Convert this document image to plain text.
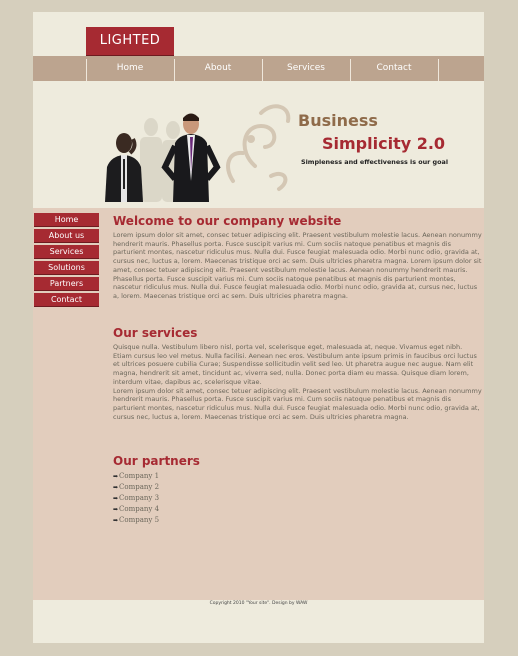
LIGHTED
Home	About	Services	Contact
Business
Simplicity 2.0
Simpleness and effectiveness is our goal
Home
About us
Services
Solutions
Partners
Contact
Welcome to our company website

Lorem ipsum dolor sit amet, consec tetuer adipiscing elit. Praesent vestibulum molestie lacus. Aenean nonummy hendrerit mauris. Phasellus porta. Fusce suscipit varius mi. Cum sociis natoque penatibus et magnis dis parturient montes, nascetur ridiculus mus. Nulla dui. Fusce feugiat malesuada odio. Morbi nunc odio, gravida at, cursus nec, luctus a, lorem. Maecenas tristique orci ac sem. Duis ultricies pharetra magna. Lorem ipsum dolor sit amet, consec tetuer adipiscing elit. Praesent vestibulum molestie lacus. Aenean nonummy hendrerit mauris. Phasellus porta. Fusce suscipit varius mi. Cum sociis natoque penatibus et magnis dis parturient montes, nascetur ridiculus mus. Nulla dui. Fusce feugiat malesuada odio. Morbi nunc odio, gravida at, cursus nec, luctus a, lorem. Maecenas tristique orci ac sem. Duis ultricies pharetra magna.

Our services

Quisque nulla. Vestibulum libero nisl, porta vel, scelerisque eget, malesuada at, neque. Vivamus eget nibh. Etiam cursus leo vel metus. Nulla facilisi. Aenean nec eros. Vestibulum ante ipsum primis in faucibus orci luctus et ultrices posuere cubilia Curae; Suspendisse sollicitudin velit sed leo. Ut pharetra augue nec augue. Nam elit magna, hendrerit sit amet, tincidunt ac, viverra sed, nulla. Donec porta diam eu massa. Quisque diam lorem, interdum vitae, dapibus ac, scelerisque vitae.

Lorem ipsum dolor sit amet, consec tetuer adipiscing elit. Praesent vestibulum molestie lacus. Aenean nonummy hendrerit mauris. Phasellus porta. Fusce suscipit varius mi. Cum sociis natoque penatibus et magnis dis parturient montes, nascetur ridiculus mus. Nulla dui. Fusce feugiat malesuada odio. Morbi nunc odio, gravida at, cursus nec, luctus a, lorem. Maecenas tristique orci ac sem. Duis ultricies pharetra magna.

Our partners
➡Company 1
➡Company 2
➡Company 3
➡Company 4
➡Company 5
Copyright 2010 "Your site". Design by WAW
